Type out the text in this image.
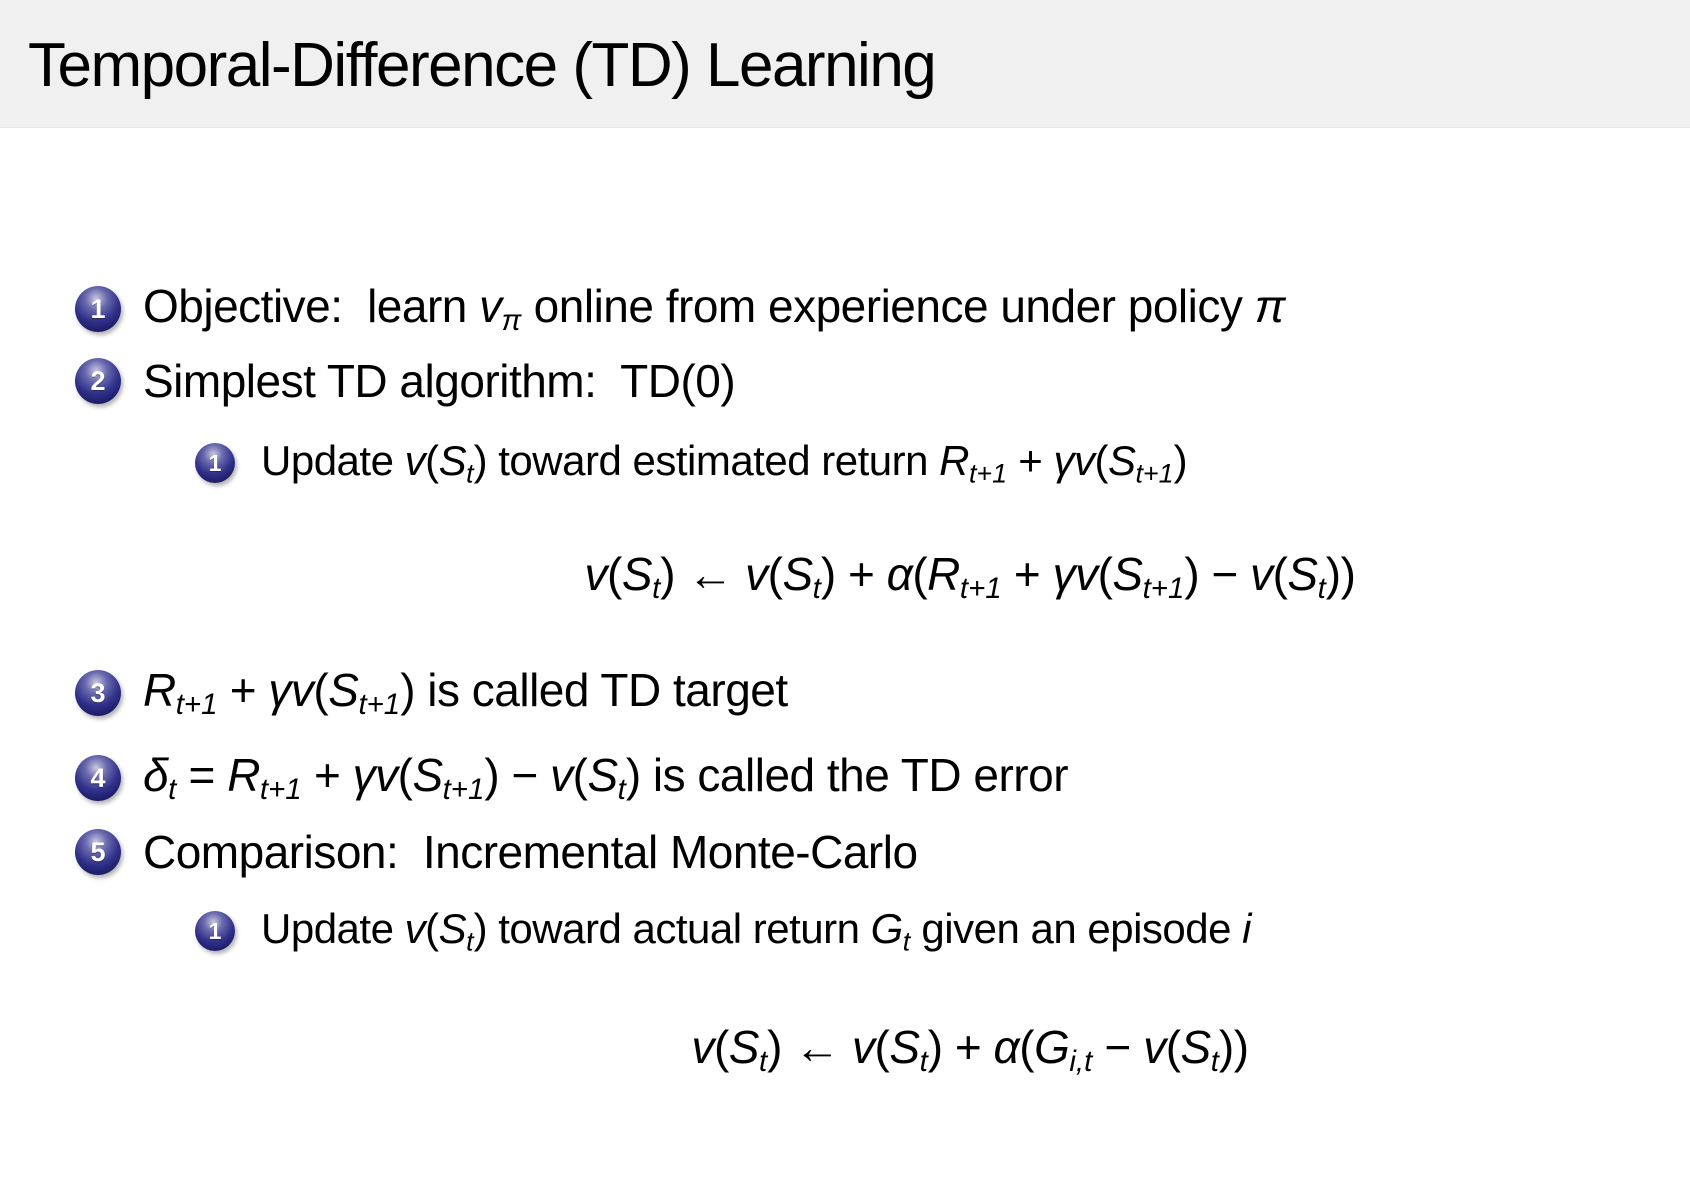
Temporal-Difference (TD) Learning
1 Objective:  learn vπ online from experience under policy π
2 Simplest TD algorithm:  TD(0)
1 Update v(St) toward estimated return Rt+1 + γv(St+1)
v(St) ← v(St) + α(Rt+1 + γv(St+1) − v(St))
3 Rt+1 + γv(St+1) is called TD target
4 δt = Rt+1 + γv(St+1) − v(St) is called the TD error
5 Comparison:  Incremental Monte-Carlo
1 Update v(St) toward actual return Gt given an episode i
v(St) ← v(St) + α(Gi,t − v(St))
